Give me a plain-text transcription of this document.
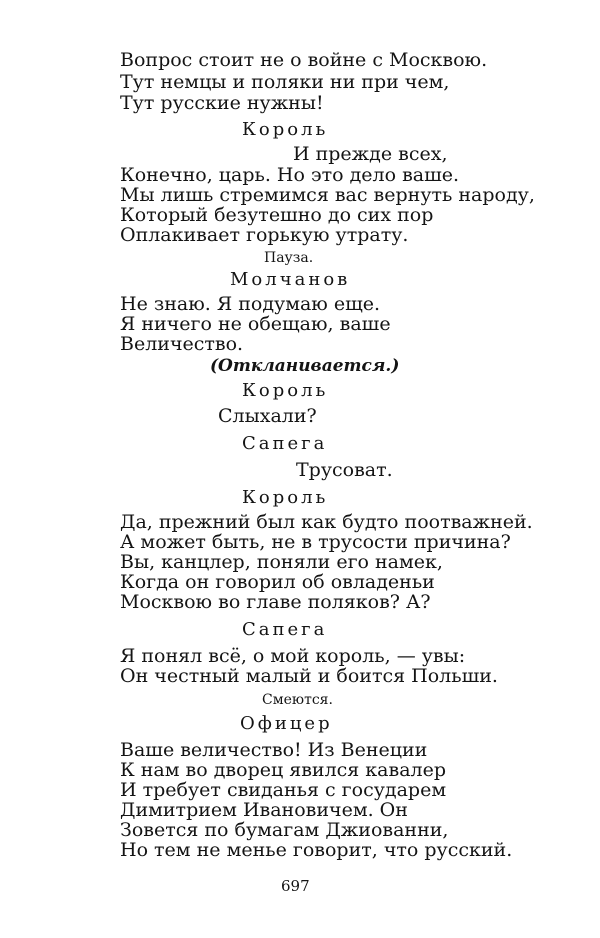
Вопрос стоит не о войне с Москвою.

Тут немцы и поляки ни при чем,

Тут русские нужны!

Король

И прежде всех,

Конечно, царь. Но это дело ваше.

Мы лишь стремимся вас вернуть народу,

Который безутешно до сих пор

Оплакивает горькую утрату.

Пауза.

Молчанов

Не знаю. Я подумаю еще.

Я ничего не обещаю, ваше

Величество.

(Откланивается.)

Король

Слыхали?

Сапега

Трусоват.

Король

Да, прежний был как будто поотважней.

А может быть, не в трусости причина?

Вы, канцлер, поняли его намек,

Когда он говорил об овладеньи

Москвою во главе поляков? А?

Сапега

Я понял всё, о мой король, — увы:

Он честный малый и боится Польши.

Смеются.

Офицер

Ваше величество! Из Венеции

К нам во дворец явился кавалер

И требует свиданья с государем

Димитрием Ивановичем. Он

Зовется по бумагам Джиованни,

Но тем не менье говорит, что русский.

697
